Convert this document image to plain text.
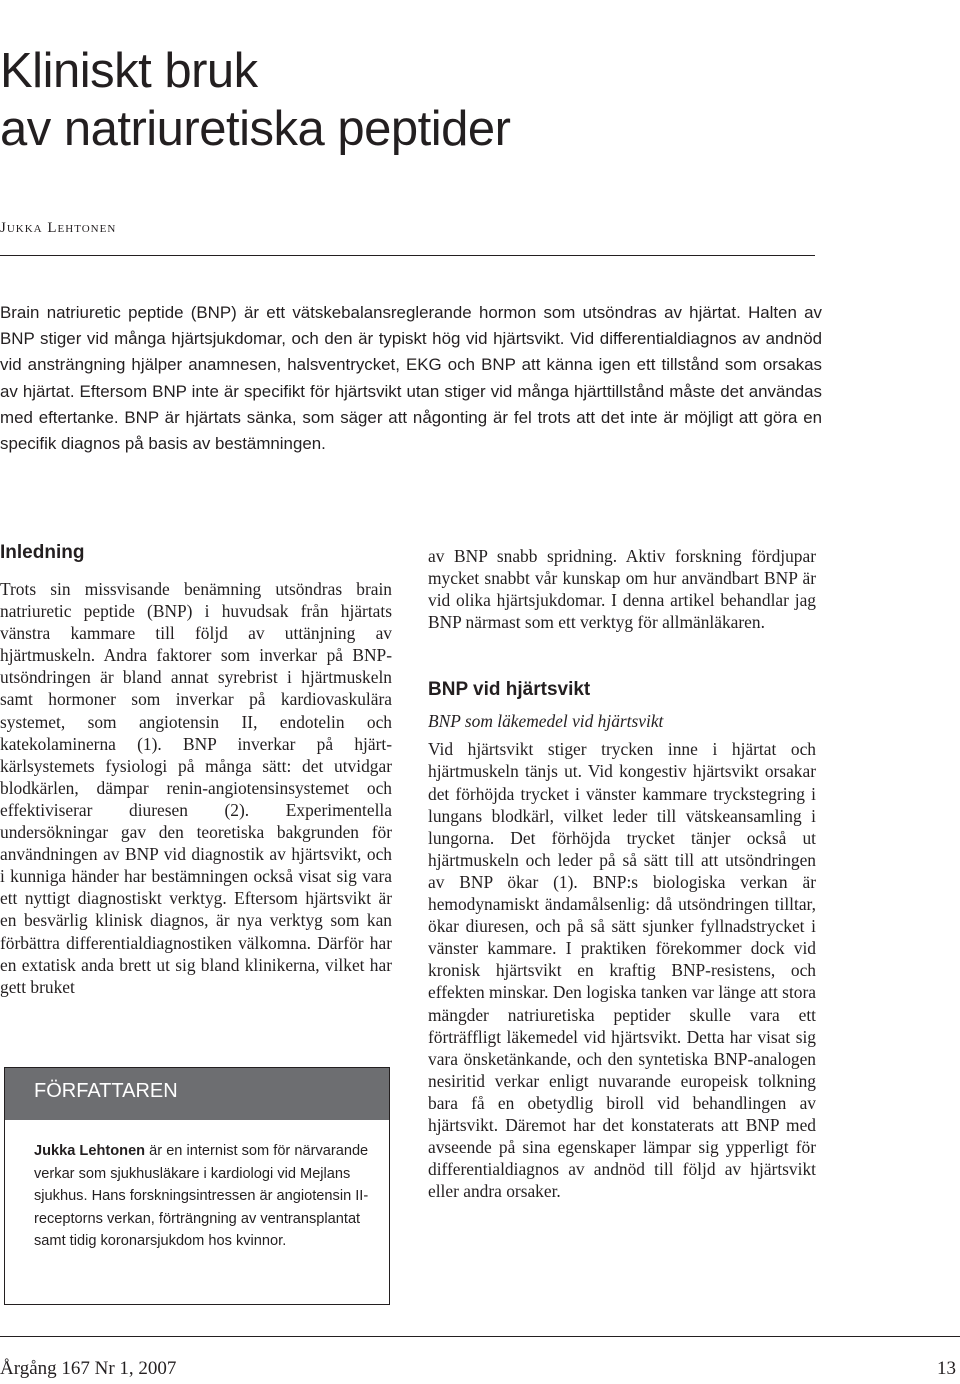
Kliniskt bruk
av natriuretiska peptider
Jukka Lehtonen

Brain natriuretic peptide (BNP) är ett vätskebalansreglerande hormon som utsöndras av hjärtat. Halten av BNP stiger vid många hjärtsjukdomar, och den är typiskt hög vid hjärtsvikt. Vid differentialdiagnos av andnöd vid ansträngning hjälper anamnesen, halsventrycket, EKG och BNP att känna igen ett tillstånd som orsakas av hjärtat. Eftersom BNP inte är specifikt för hjärtsvikt utan stiger vid många hjärttillstånd måste det användas med eftertanke. BNP är hjärtats sänka, som säger att någonting är fel trots att det inte är möjligt att göra en specifik diagnos på basis av bestämningen.

Inledning

Trots sin missvisande benämning utsöndras brain natriuretic peptide (BNP) i huvudsak från hjärtats vänstra kammare till följd av uttänjning av hjärtmuskeln. Andra faktorer som inverkar på BNP-utsöndringen är bland annat syrebrist i hjärtmuskeln samt hormoner som inverkar på kardiovaskulära systemet, som angiotensin II, endotelin och katekolaminerna (1). BNP inverkar på hjärt-kärlsystemets fysiologi på många sätt: det utvidgar blodkärlen, dämpar renin-angiotensinsystemet och effektiviserar diuresen (2). Experimentella undersökningar gav den teoretiska bakgrunden för användningen av BNP vid diagnostik av hjärtsvikt, och i kunniga händer har bestämningen också visat sig vara ett nyttigt diagnostiskt verktyg. Eftersom hjärtsvikt är en besvärlig klinisk diagnos, är nya verktyg som kan förbättra differentialdiagnostiken välkomna. Därför har en extatisk anda brett ut sig bland klinikerna, vilket har gett bruket

FÖRFATTAREN

Jukka Lehtonen är en internist som för närvarande verkar som sjukhusläkare i kardiologi vid Mejlans sjukhus. Hans forskningsintressen är angiotensin II-receptorns verkan, förträngning av ventransplantat samt tidig koronarsjukdom hos kvinnor.

av BNP snabb spridning. Aktiv forskning fördjupar mycket snabbt vår kunskap om hur användbart BNP är vid olika hjärtsjukdomar. I denna artikel behandlar jag BNP närmast som ett verktyg för allmänläkaren.

BNP vid hjärtsvikt

BNP som läkemedel vid hjärtsvikt

Vid hjärtsvikt stiger trycken inne i hjärtat och hjärtmuskeln tänjs ut. Vid kongestiv hjärtsvikt orsakar det förhöjda trycket i vänster kammare tryckstegring i lungans blodkärl, vilket leder till vätskeansamling i lungorna. Det förhöjda trycket tänjer också ut hjärtmuskeln och leder på så sätt till att utsöndringen av BNP ökar (1). BNP:s biologiska verkan är hemodynamiskt ändamålsenlig: då utsöndringen tilltar, ökar diuresen, och på så sätt sjunker fyllnadstrycket i vänster kammare. I praktiken förekommer dock vid kronisk hjärtsvikt en kraftig BNP-resistens, och effekten minskar. Den logiska tanken var länge att stora mängder natriuretiska peptider skulle vara ett förträffligt läkemedel vid hjärtsvikt. Detta har visat sig vara önsketänkande, och den syntetiska BNP-analogen nesiritid verkar enligt nuvarande europeisk tolkning bara få en obetydlig biroll vid behandlingen av hjärtsvikt. Däremot har det konstaterats att BNP med avseende på sina egenskaper lämpar sig ypperligt för differentialdiagnos av andnöd till följd av hjärtsvikt eller andra orsaker.

Årgång 167 Nr 1, 2007	13
